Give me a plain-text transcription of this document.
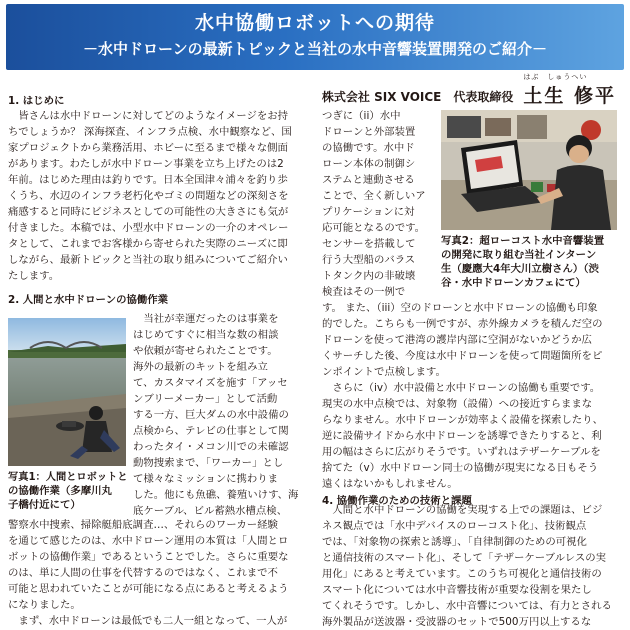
水中協働ロボットへの期待
－水中ドローンの最新トピックと当社の水中音響装置開発のご紹介－
株式会社 SIX VOICE　代表取締役
はぶ　しゅうへい
土生 修平
1. はじめに
　皆さんは水中ドローンに対してどのようなイメージをお持
ちでしょうか？ 深海探査、インフラ点検、水中観察など、国
家プロジェクトから業務活用、ホビーに至るまで様々な側面
があります。わたしが水中ドローン事業を立ち上げたのは2
年前。はじめた理由は釣りです。日本全国津々浦々を釣り歩
くうち、水辺のインフラ老朽化やゴミの問題などの深刻さを
痛感すると同時にビジネスとしての可能性の大きさにも気が
付きました。本稿では、小型水中ドローンの一介のオペレー
タとして、これまでお客様から寄せられた実際のニーズに即
しながら、最新トピックと当社の取り組みについてご紹介い
たします。
2. 人間と水中ドローンの協働作業
写真1：人間とロボットと
の協働作業（多摩川丸
子橋付近にて）
　当社が幸運だったのは事業を
はじめてすぐに相当な数の相談
や依頼が寄せられたことです。
海外の最新のキットを組み立
て、カスタマイズを施す「アッセ
ンブリーメーカー」として活動
する一方、巨大ダムの水中設備の
点検から、テレビの仕事として関
わったタイ・メコン川での未確認
動物捜索まで、「ワーカー」とし
て様々なミッションに携わりま
した。他にも魚礁、養殖いけす、海
底ケーブル、ビル蓄熱水槽点検、
警察水中捜索、掃除艇船底調査…、それらのワーカー経験
を通じて感じたのは、水中ドローン運用の本質は「人間とロ
ボットの協働作業」であるということでした。さらに重要な
のは、単に人間の仕事を代替するのではなく、これまで不
可能と思われていたことが可能になる点にあると考えるよう
になりました。
　まず、水中ドローンは最低でも二人一組となって、一人が
つぎに（ii）水中
ドローンと外部装置
の協働です。水中ド
ローン本体の制御シ
ステムと連動させる
ことで、全く新しいア
プリケーションに対
応可能となるのです。
センサーを搭載して
行う大型船のバラス
トタンク内の非破壊
検査はその一例で
写真2：超ローコスト水中音響装置
の開発に取り組む当社インターン
生（慶應大4年大川立樹さん）（渋
谷・水中ドローンカフェにて）
す。 また、（iii）空のドローンと水中ドローンの協働も印象
的でした。こちらも一例ですが、赤外線カメラを積んだ空の
ドローンを使って港湾の護岸内部に空洞がないかどうか広
くサーチした後、今度は水中ドローンを使って問題箇所をピ
ンポイントで点検します。
　さらに（iv）水中設備と水中ドローンの協働も重要です。
現実の水中点検では、対象物（設備）への接近すらままな
らなりません。水中ドローンが効率よく設備を探索したり、
逆に設備サイドから水中ドローンを誘導できたりすると、利
用の幅はさらに広がりそうです。いずれはテザーケーブルを
捨てた（v）水中ドローン同士の協働が現実になる日もそう
遠くはないかもしれません。
4. 協働作業のための技術と課題
　人間と水中ドローンの協働を実現する上での課題は、ビジ
ネス観点では「水中デバイスのローコスト化」、技術観点
では、「対象物の探索と誘導」、「自律制御のための可視化
と通信技術のスマート化」、そして「テザーケーブルレスの実
用化」にあると考えています。このうち可視化と通信技術の
スマート化については水中音響技術が重要な役割を果たし
てくれそうです。しかし、水中音響については、有力とされる
海外製品が送波器・受波器のセットで500万円以上するな
